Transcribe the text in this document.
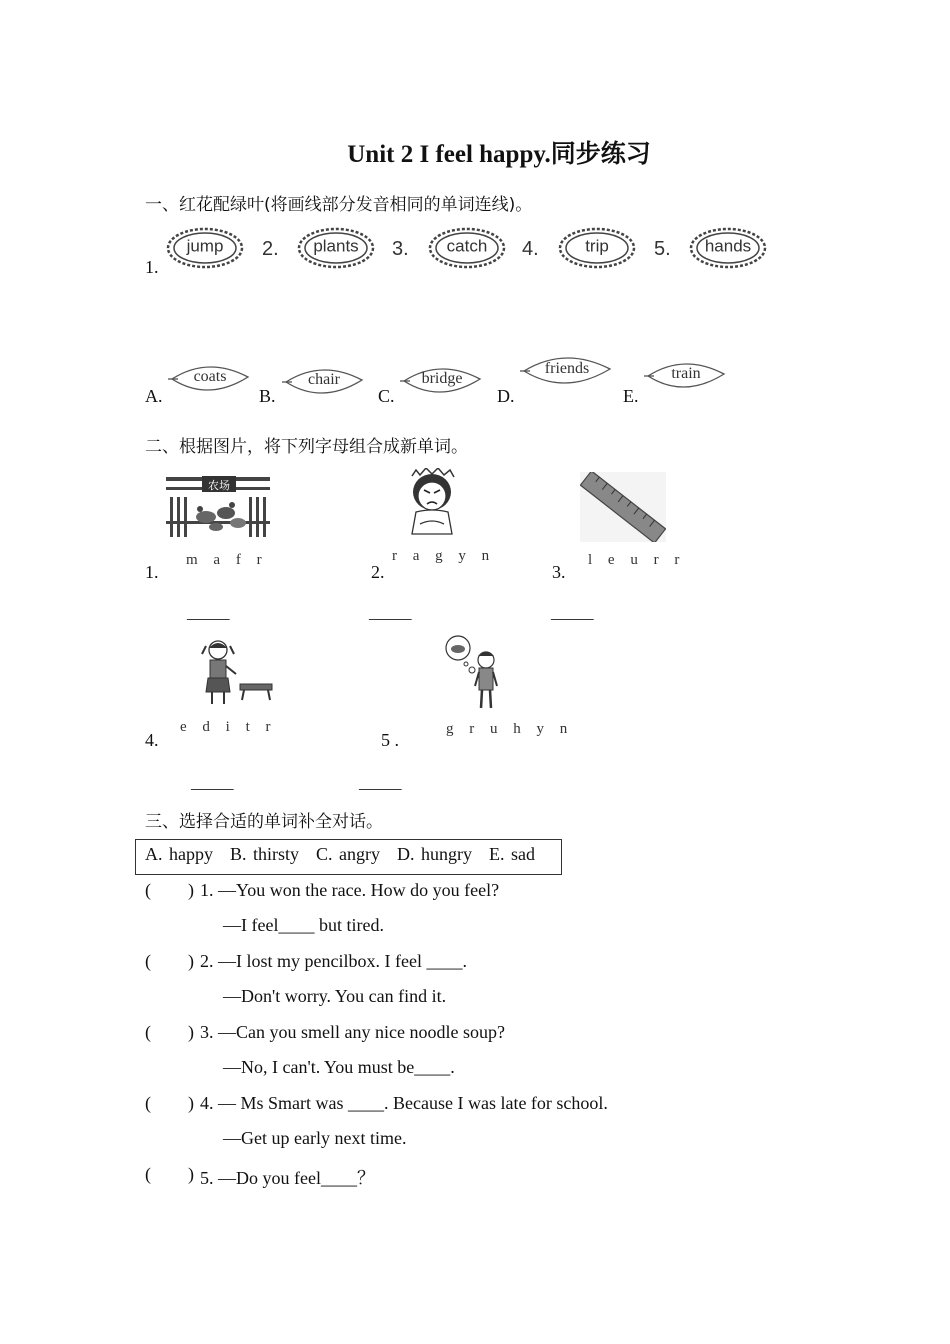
Unit 2 I feel happy.同步练习
一、红花配绿叶(将画线部分发音相同的单词连线)。
1.
2.	3.	4.	5.
jump	plants	catch	trip	hands
A.	B.	C.	D.	E.
coats	chair	bridge
friends	train
二、根据图片，将下列字母组合成新单词。
农场
1.
m a f r
2.
r a g y n
3.
l e u r r
_____	_____	_____
4.
e d i t r
5 .
g r u h y n
_____	_____
三、选择合适的单词补全对话。
A. happy B. thirsty C. angry D. hungry E. sad
( ) 1. —You won the race. How do you feel?
—I feel____ but tired.
( ) 2. —I lost my pencilbox. I feel ____.
—Don't worry. You can find it.
( ) 3. —Can you smell any nice noodle soup?
—No, I can't. You must be____.
( ) 4. — Ms Smart was ____. Because I was late for school.
—Get up early next time.
( ) 5. —Do you feel____？
